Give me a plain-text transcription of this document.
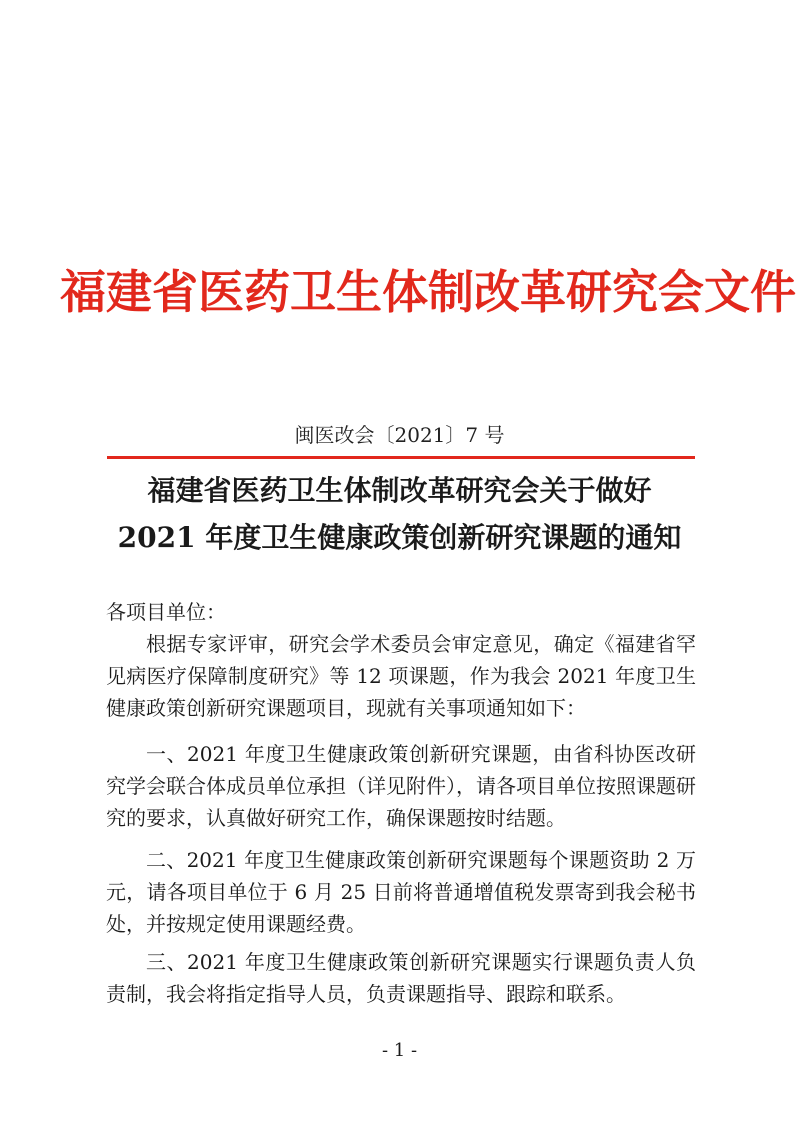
福建省医药卫生体制改革研究会文件
闽医改会〔2021〕7 号
福建省医药卫生体制改革研究会关于做好
2021 年度卫生健康政策创新研究课题的通知
各项目单位：
根据专家评审，研究会学术委员会审定意见，确定《福建省罕见病医疗保障制度研究》等 12 项课题，作为我会 2021 年度卫生健康政策创新研究课题项目，现就有关事项通知如下：
一、2021 年度卫生健康政策创新研究课题，由省科协医改研究学会联合体成员单位承担（详见附件），请各项目单位按照课题研究的要求，认真做好研究工作，确保课题按时结题。
二、2021 年度卫生健康政策创新研究课题每个课题资助 2 万元，请各项目单位于 6 月 25 日前将普通增值税发票寄到我会秘书处，并按规定使用课题经费。
三、2021 年度卫生健康政策创新研究课题实行课题负责人负责制，我会将指定指导人员，负责课题指导、跟踪和联系。
- 1 -
